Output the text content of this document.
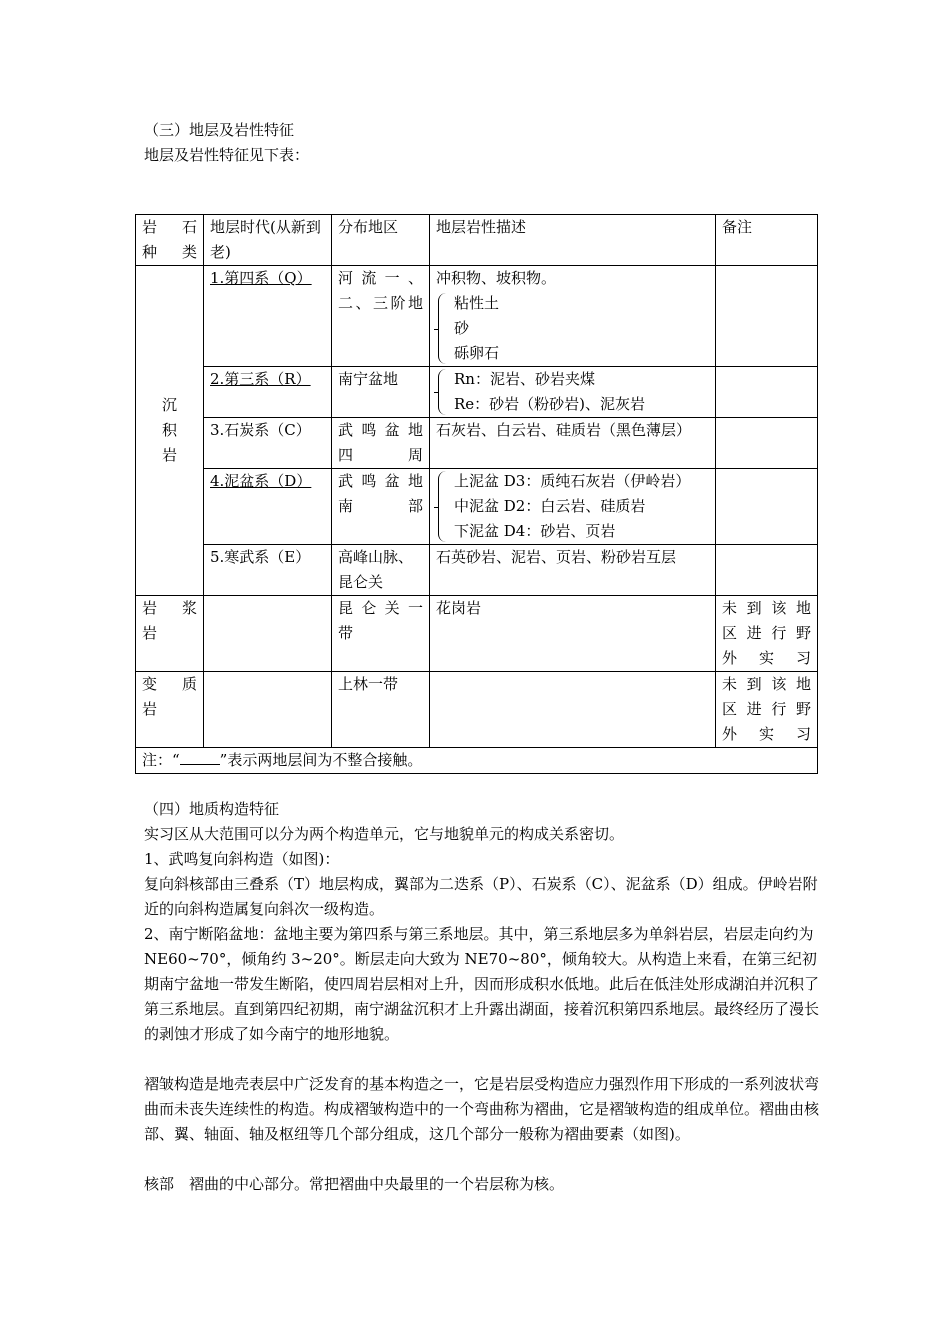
（三）地层及岩性特征

地层及岩性特征见下表：

岩　石种类	地层时代(从新到老)	分布地区	地层岩性描述	备注
沉积岩	1.第四系（Q）	河 流 一 、二、三阶地	冲积物、坡积物。
粘性土
砂
砾卵石	

	2.第三系（R）	南宁盆地	Rn：泥岩、砂岩夹煤
Re：砂岩（粉砂岩)、泥灰岩	

	3.石炭系（C）	武 鸣 盆 地四周	石灰岩、白云岩、硅质岩（黑色薄层）	
	4.泥盆系（D）	武 鸣 盆 地南部	上泥盆 D3：质纯石灰岩（伊岭岩）
中泥盆 D2：白云岩、硅质岩
下泥盆 D4：砂岩、页岩	

	5.寒武系（E）	高峰山脉、昆仑关	石英砂岩、泥岩、页岩、粉砂岩互层	
岩　浆岩		昆 仑 关 一带	花岗岩	未 到 该 地区 进 行 野外实习
变　质岩		上林一带		未 到 该 地区 进 行 野外实习
注：“ ”表示两地层间为不整合接触。				

（四）地质构造特征

实习区从大范围可以分为两个构造单元，它与地貌单元的构成关系密切。

1、武鸣复向斜构造（如图)：

复向斜核部由三叠系（T）地层构成，翼部为二迭系（P）、石炭系（C）、泥盆系（D）组成。伊岭岩附近的向斜构造属复向斜次一级构造。

2、南宁断陷盆地：盆地主要为第四系与第三系地层。其中，第三系地层多为单斜岩层，岩层走向约为NE60~70°，倾角约 3~20°。断层走向大致为 NE70~80°，倾角较大。从构造上来看，在第三纪初期南宁盆地一带发生断陷，使四周岩层相对上升，因而形成积水低地。此后在低洼处形成湖泊并沉积了第三系地层。直到第四纪初期，南宁湖盆沉积才上升露出湖面，接着沉积第四系地层。最终经历了漫长的剥蚀才形成了如今南宁的地形地貌。

褶皱构造是地壳表层中广泛发育的基本构造之一，它是岩层受构造应力强烈作用下形成的一系列波状弯曲而未丧失连续性的构造。构成褶皱构造中的一个弯曲称为褶曲，它是褶皱构造的组成单位。褶曲由核部、翼、轴面、轴及枢纽等几个部分组成，这几个部分一般称为褶曲要素（如图)。

核部　褶曲的中心部分。常把褶曲中央最里的一个岩层称为核。
